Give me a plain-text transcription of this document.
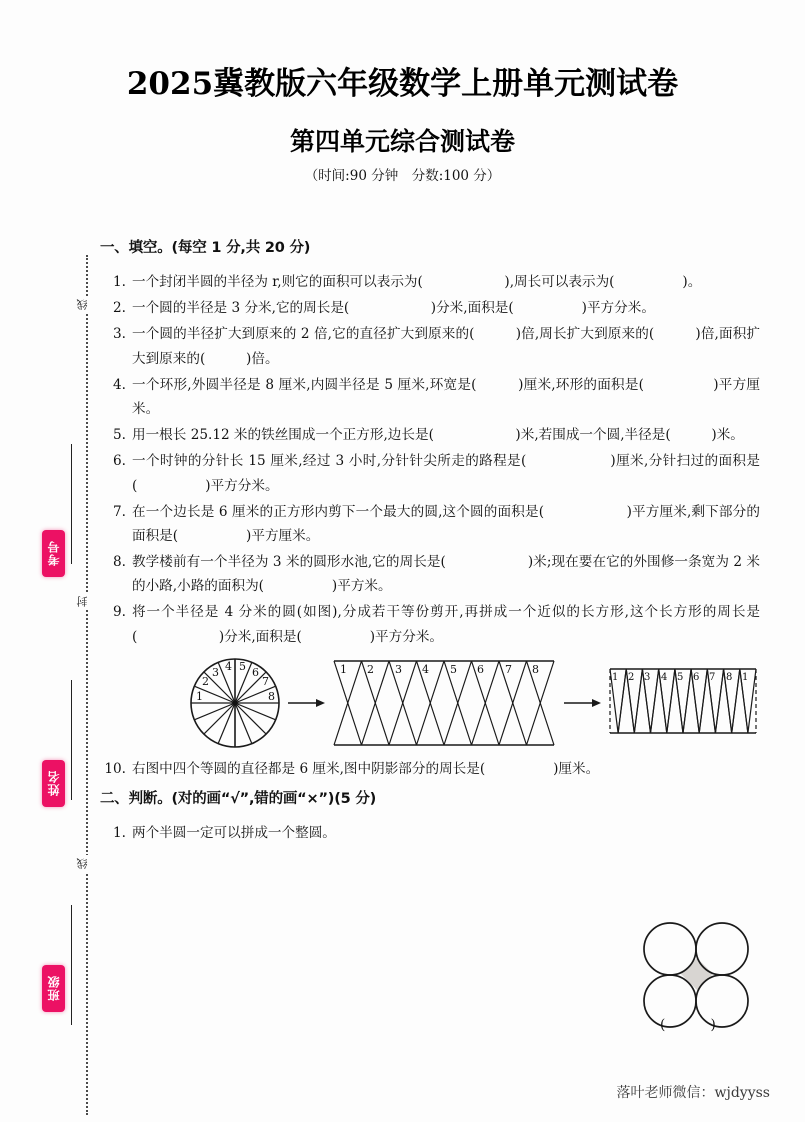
线
封
线
考号
姓名
班级
2025冀教版六年级数学上册单元测试卷
第四单元综合测试卷
（时间:90 分钟　分数:100 分）
一、填空。(每空 1 分,共 20 分)
1. 一个封闭半圆的半径为 r,则它的面积可以表示为(　　　　　　),周长可以表示为(　　　　　)。
2. 一个圆的半径是 3 分米,它的周长是(　　　　　　)分米,面积是(　　　　　)平方分米。
3. 一个圆的半径扩大到原来的 2 倍,它的直径扩大到原来的(　　　)倍,周长扩大到原来的(　　　)倍,面积扩大到原来的(　　　)倍。
4. 一个环形,外圆半径是 8 厘米,内圆半径是 5 厘米,环宽是(　　　)厘米,环形的面积是(　　　　　)平方厘米。
5. 用一根长 25.12 米的铁丝围成一个正方形,边长是(　　　　　　)米,若围成一个圆,半径是(　　　)米。
6. 一个时钟的分针长 15 厘米,经过 3 小时,分针针尖所走的路程是(　　　　　　)厘米,分针扫过的面积是(　　　　　)平方分米。
7. 在一个边长是 6 厘米的正方形内剪下一个最大的圆,这个圆的面积是(　　　　　　)平方厘米,剩下部分的面积是(　　　　　)平方厘米。
8. 教学楼前有一个半径为 3 米的圆形水池,它的周长是(　　　　　　)米;现在要在它的外围修一条宽为 2 米的小路,小路的面积为(　　　　　)平方米。
9. 将一个半径是 4 分米的圆(如图),分成若干等份剪开,再拼成一个近似的长方形,这个长方形的周长是(　　　　　　)分米,面积是(　　　　　)平方分米。
1
2
3 4 5 6
7
8
1 2 3 4 5 6 7 8
1 2 3 4 5 6 7 8 1
10. 右图中四个等圆的直径都是 6 厘米,图中阴影部分的周长是(　　　　　)厘米。
二、判断。(对的画“√”,错的画“×”)(5 分)
1. 两个半圆一定可以拼成一个整圆。
(　　)
落叶老师微信：wjdyyss
